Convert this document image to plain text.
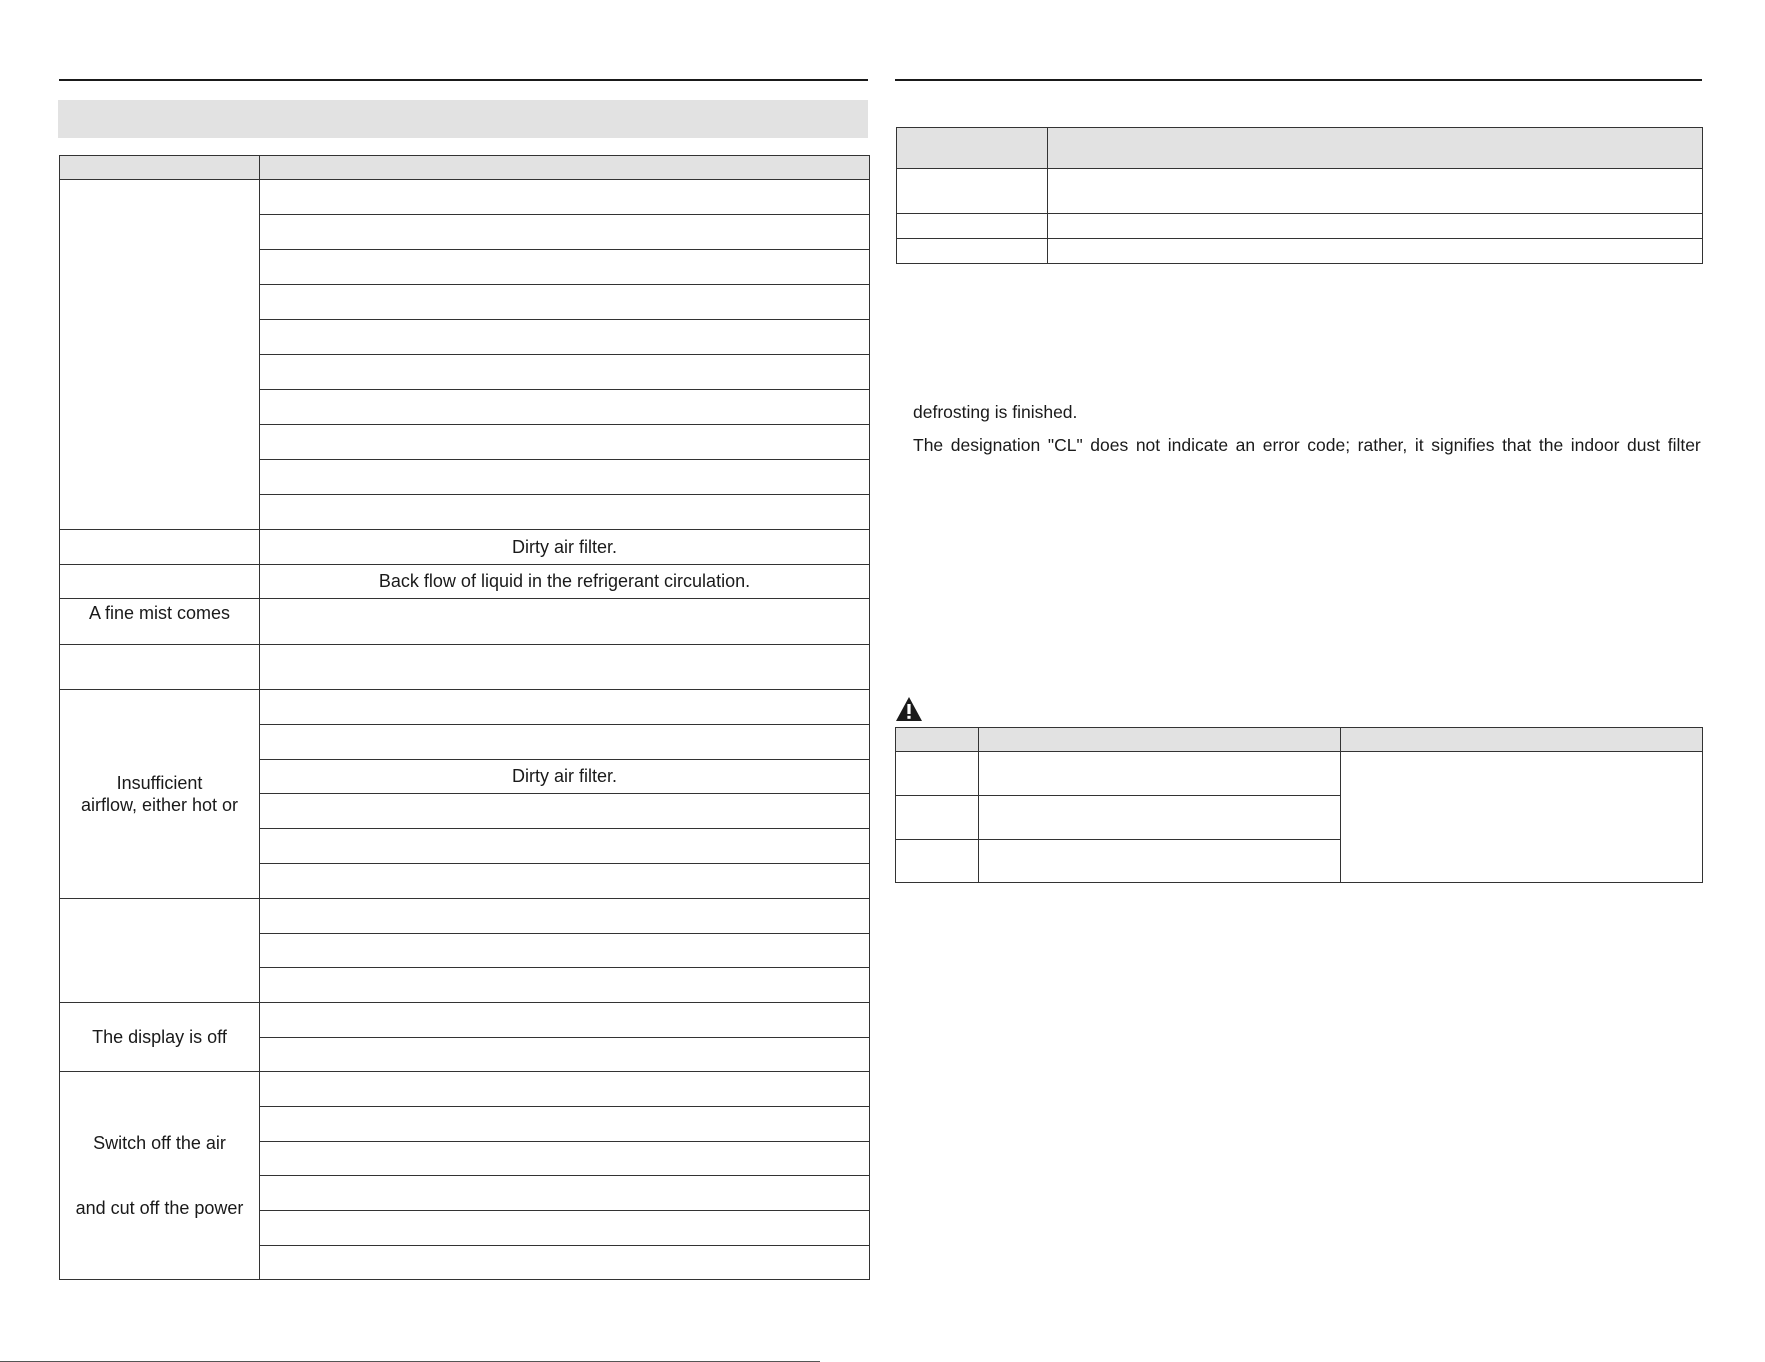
	Dirty air filter.
	Back flow of liquid in the refrigerant circulation.
A fine mist comes	

Insufficient
airflow, either hot or	

	Dirty air filter.

The display is off	

Switch off the air
and cut off the power	

defrosting is finished.
The designation "CL" does not indicate an error code; rather, it signifies that the indoor dust filter
